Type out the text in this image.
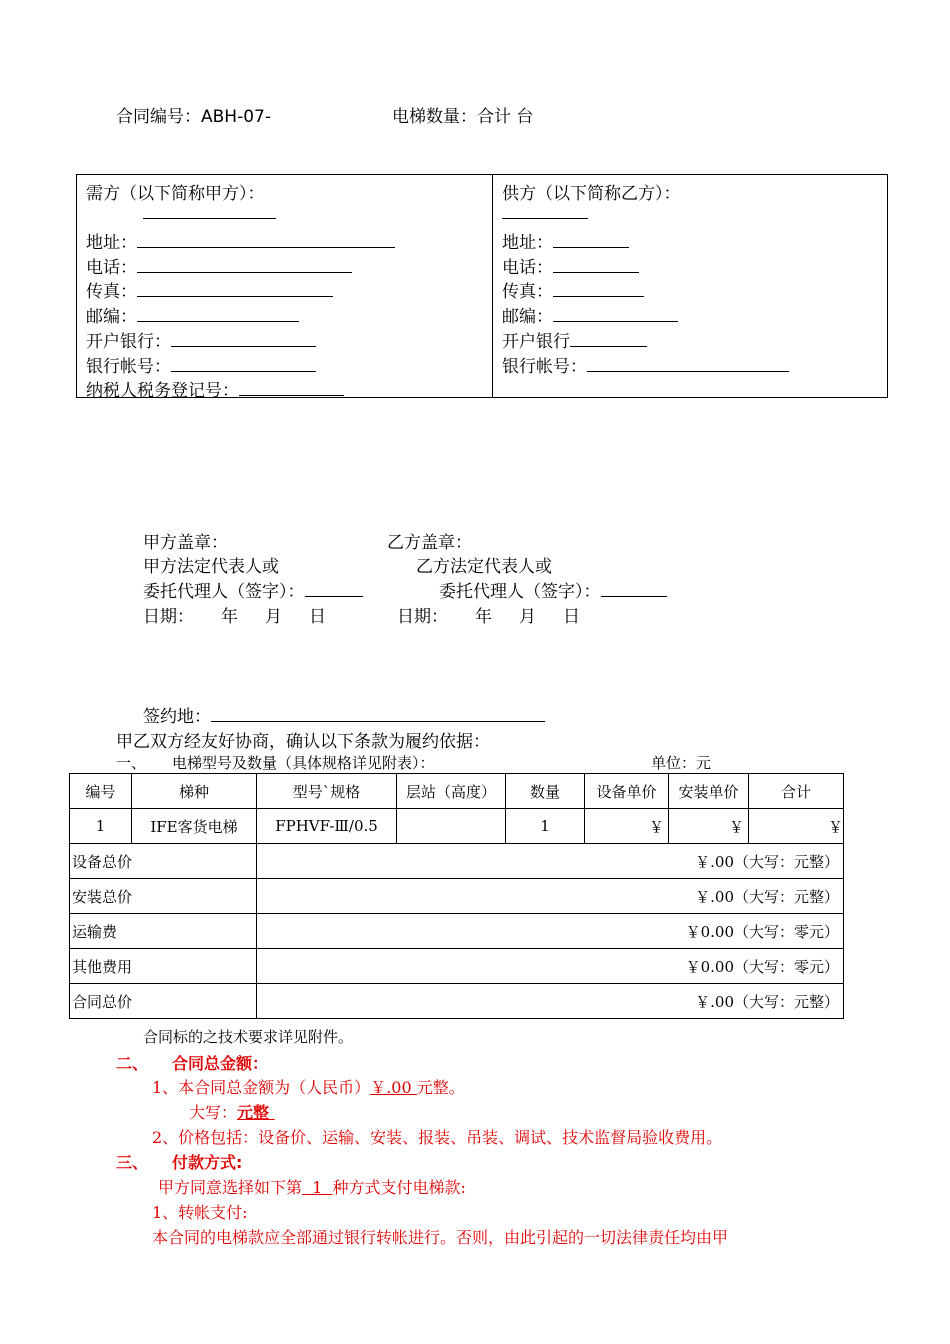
合同编号：ABH-07-	电梯数量：合计 台
需方（以下简称甲方）：
地址：
电话：
传真：
邮编：
开户银行：
银行帐号：
纳税人税务登记号：
供方（以下简称乙方）：
地址：
电话：
传真：
邮编：
开户银行
银行帐号：
甲方盖章：	乙方盖章：
甲方法定代表人或	乙方法定代表人或
委托代理人（签字）：	委托代理人（签字）：
日期：     年     月     日	日期：     年     月     日
签约地：
甲乙双方经友好协商，确认以下条款为履约依据：
一、 电梯型号及数量（具体规格详见附表）：	单位：元
编号	梯种	型号`规格	层站（高度）	数量	设备单价	安装单价	合计
1	IFE客货电梯	FPHVF-Ⅲ/0.5		1	￥	￥	￥
设备总价		￥.00（大写：元整）					
安装总价		￥.00（大写：元整）					
运输费		￥0.00（大写：零元）					
其他费用		￥0.00（大写：零元）					
合同总价		￥.00（大写：元整）					
合同标的之技术要求详见附件。
二、 合同总金额：
1、本合同总金额为（人民币）￥.00 元整。
大写：元整
2、价格包括：设备价、运输、安装、报装、吊装、调试、技术监督局验收费用。
三、 付款方式:
甲方同意选择如下第  1  种方式支付电梯款:
1、转帐支付:
本合同的电梯款应全部通过银行转帐进行。否则，由此引起的一切法律责任均由甲
